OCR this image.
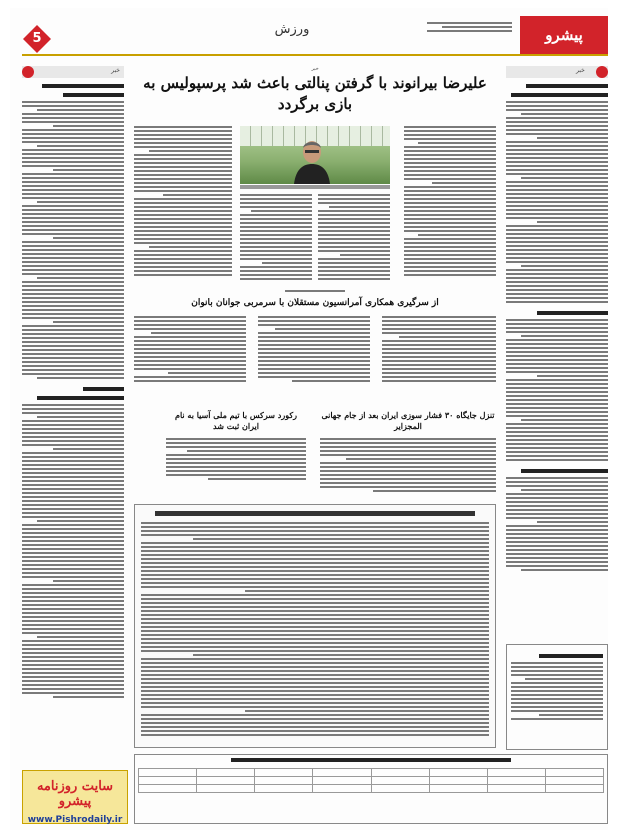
5
ورزش	پیشرو
خبر	خبر
خبر
علیرضا بیرانوند با گرفتن پنالتی باعث شد پرسپولیس به بازی برگردد
از سرگیری همکاری آمرانسیون مستقلان با سرمربی جوانان بانوان
تنزل جایگاه ۳۰ فشار سوزی ایران بعد از جام جهانی المجزایر
رکورد سرکس با تیم ملی آسیا به نام ایران ثبت شد

سایت روزنامه پیشرو
www.Pishrodaily.ir
